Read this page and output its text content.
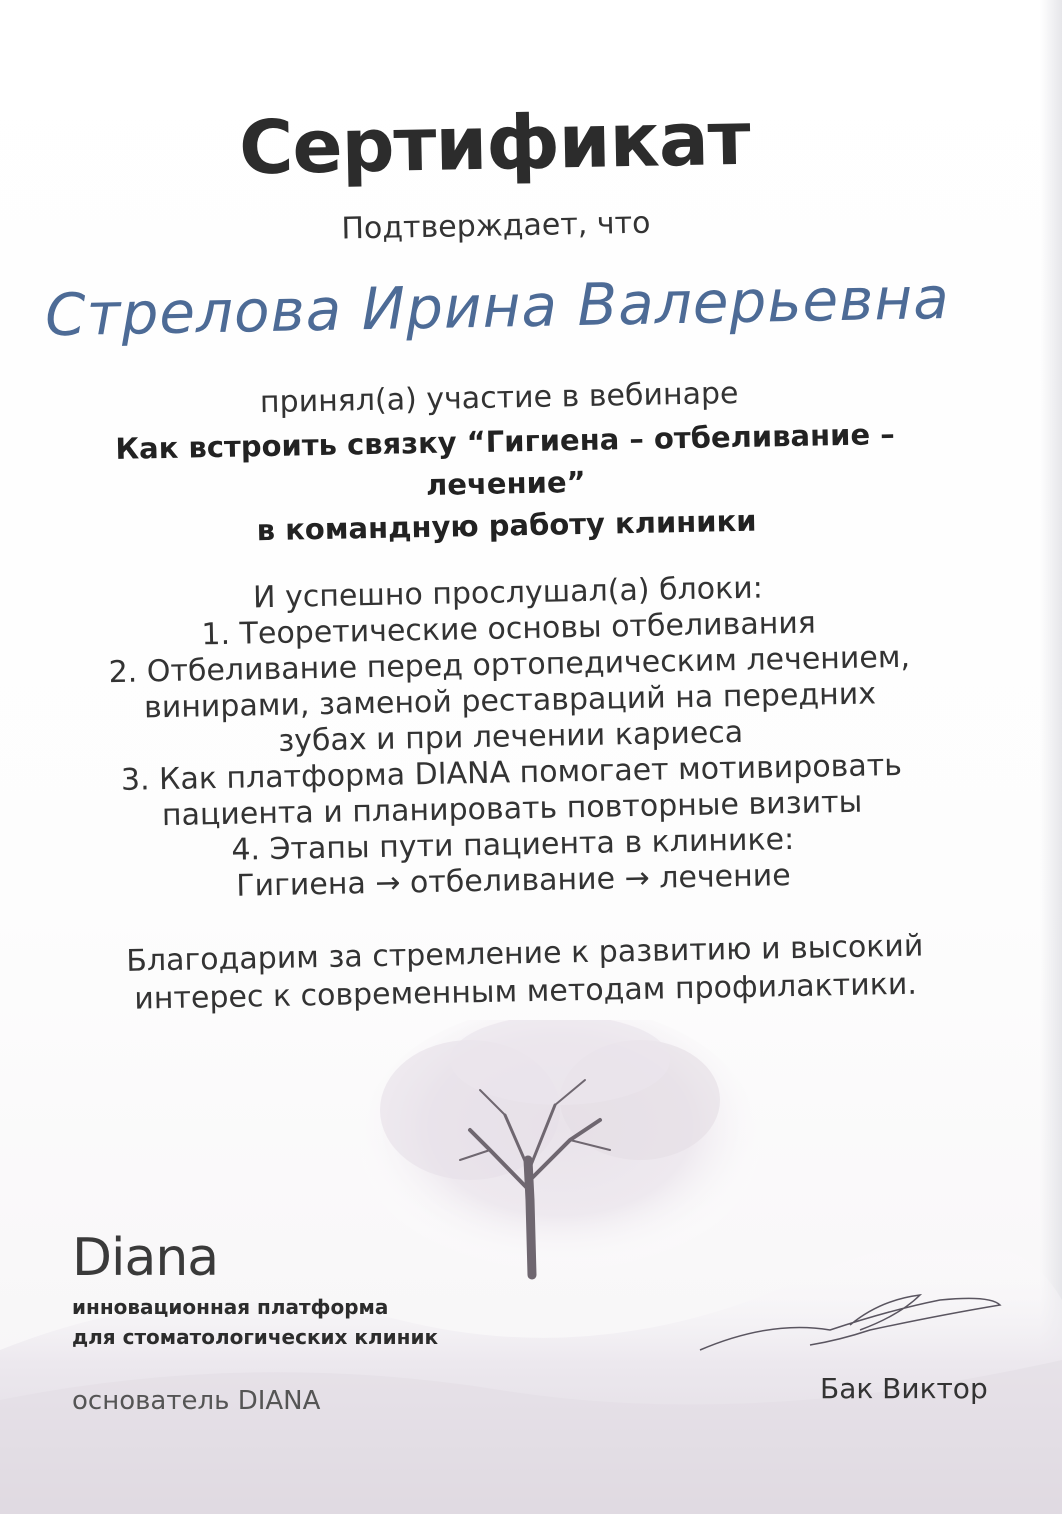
Сертификат
Подтверждает, что
Стрелова Ирина Валерьевна
принял(а) участие в вебинаре
Как встроить связку “Гигиена – отбеливание – лечение”
в командную работу клиники
И успешно прослушал(а) блоки:
1. Теоретические основы отбеливания
2. Отбеливание перед ортопедическим лечением,
винирами, заменой реставраций на передних
зубах и при лечении кариеса
3. Как платформа DIANA помогает мотивировать
пациента и планировать повторные визиты
4. Этапы пути пациента в клинике:
Гигиена → отбеливание → лечение
Благодарим за стремление к развитию и высокий
интерес к современным методам профилактики.
Diana
инновационная платформа
для стоматологических клиник
основатель DIANA	Бак Виктор
